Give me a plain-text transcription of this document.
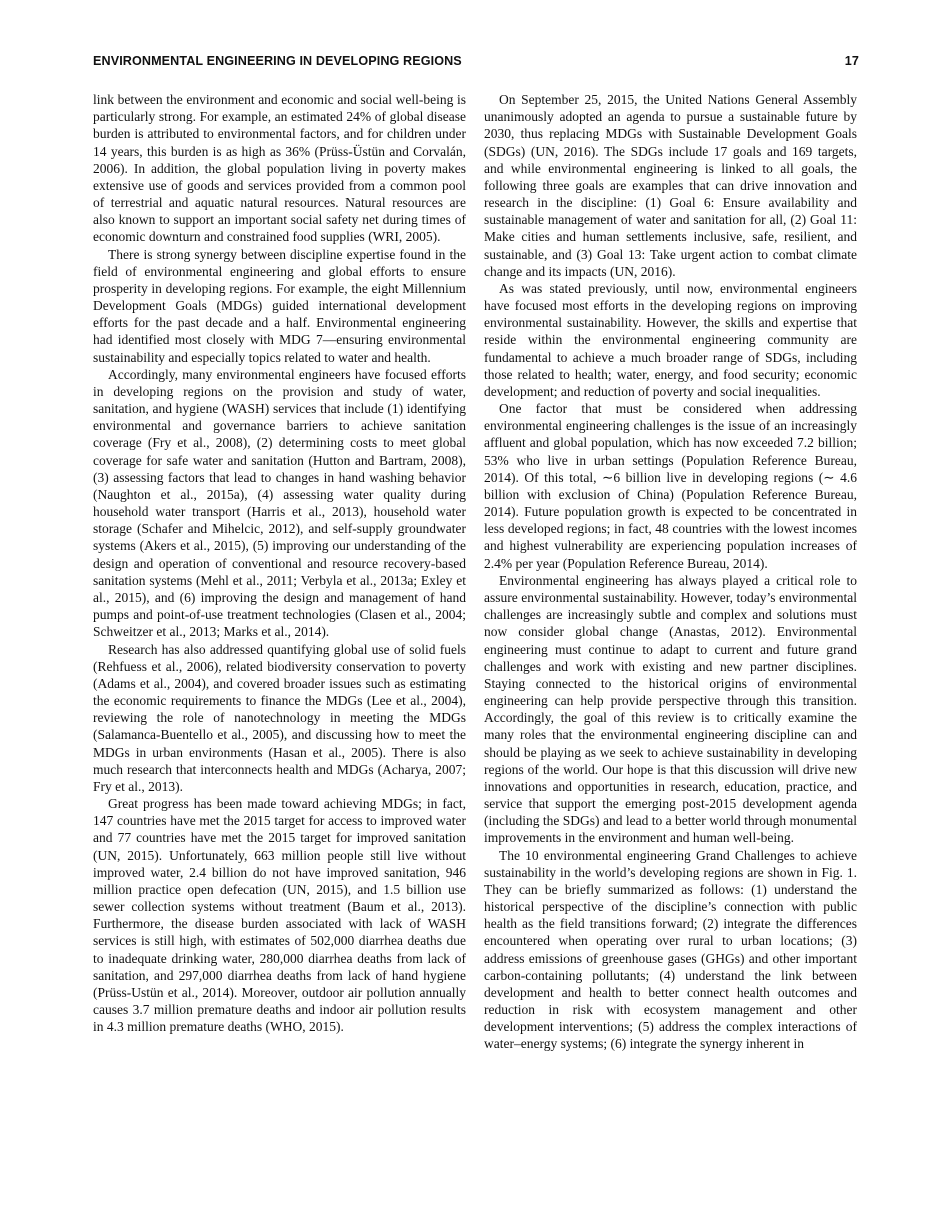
ENVIRONMENTAL ENGINEERING IN DEVELOPING REGIONS	17

link between the environment and economic and social well-being is particularly strong. For example, an estimated 24% of global disease burden is attributed to environmental factors, and for children under 14 years, this burden is as high as 36% (Prüss-Üstün and Corvalán, 2006). In addition, the global population living in poverty makes extensive use of goods and services provided from a common pool of terrestrial and aquatic natural resources. Natural resources are also known to support an important social safety net during times of economic downturn and constrained food supplies (WRI, 2005).

There is strong synergy between discipline expertise found in the field of environmental engineering and global efforts to ensure prosperity in developing regions. For example, the eight Millennium Development Goals (MDGs) guided international development efforts for the past decade and a half. Environmental engineering had identified most closely with MDG 7—ensuring environmental sustainability and especially topics related to water and health.

Accordingly, many environmental engineers have focused efforts in developing regions on the provision and study of water, sanitation, and hygiene (WASH) services that include (1) identifying environmental and governance barriers to achieve sanitation coverage (Fry et al., 2008), (2) determining costs to meet global coverage for safe water and sanitation (Hutton and Bartram, 2008), (3) assessing factors that lead to changes in hand washing behavior (Naughton et al., 2015a), (4) assessing water quality during household water transport (Harris et al., 2013), household water storage (Schafer and Mihelcic, 2012), and self-supply groundwater systems (Akers et al., 2015), (5) improving our understanding of the design and operation of conventional and resource recovery-based sanitation systems (Mehl et al., 2011; Verbyla et al., 2013a; Exley et al., 2015), and (6) improving the design and management of hand pumps and point-of-use treatment technologies (Clasen et al., 2004; Schweitzer et al., 2013; Marks et al., 2014).

Research has also addressed quantifying global use of solid fuels (Rehfuess et al., 2006), related biodiversity conservation to poverty (Adams et al., 2004), and covered broader issues such as estimating the economic requirements to finance the MDGs (Lee et al., 2004), reviewing the role of nanotechnology in meeting the MDGs (Salamanca-Buentello et al., 2005), and discussing how to meet the MDGs in urban environments (Hasan et al., 2005). There is also much research that interconnects health and MDGs (Acharya, 2007; Fry et al., 2013).

Great progress has been made toward achieving MDGs; in fact, 147 countries have met the 2015 target for access to improved water and 77 countries have met the 2015 target for improved sanitation (UN, 2015). Unfortunately, 663 million people still live without improved water, 2.4 billion do not have improved sanitation, 946 million practice open defecation (UN, 2015), and 1.5 billion use sewer collection systems without treatment (Baum et al., 2013). Furthermore, the disease burden associated with lack of WASH services is still high, with estimates of 502,000 diarrhea deaths due to inadequate drinking water, 280,000 diarrhea deaths from lack of sanitation, and 297,000 diarrhea deaths from lack of hand hygiene (Prüss-Ustün et al., 2014). Moreover, outdoor air pollution annually causes 3.7 million premature deaths and indoor air pollution results in 4.3 million premature deaths (WHO, 2015).

On September 25, 2015, the United Nations General Assembly unanimously adopted an agenda to pursue a sustainable future by 2030, thus replacing MDGs with Sustainable Development Goals (SDGs) (UN, 2016). The SDGs include 17 goals and 169 targets, and while environmental engineering is linked to all goals, the following three goals are examples that can drive innovation and research in the discipline: (1) Goal 6: Ensure availability and sustainable management of water and sanitation for all, (2) Goal 11: Make cities and human settlements inclusive, safe, resilient, and sustainable, and (3) Goal 13: Take urgent action to combat climate change and its impacts (UN, 2016).

As was stated previously, until now, environmental engineers have focused most efforts in the developing regions on improving environmental sustainability. However, the skills and expertise that reside within the environmental engineering community are fundamental to achieve a much broader range of SDGs, including those related to health; water, energy, and food security; economic development; and reduction of poverty and social inequalities.

One factor that must be considered when addressing environmental engineering challenges is the issue of an increasingly affluent and global population, which has now exceeded 7.2 billion; 53% who live in urban settings (Population Reference Bureau, 2014). Of this total, ∼6 billion live in developing regions (∼ 4.6 billion with exclusion of China) (Population Reference Bureau, 2014). Future population growth is expected to be concentrated in less developed regions; in fact, 48 countries with the lowest incomes and highest vulnerability are experiencing population increases of 2.4% per year (Population Reference Bureau, 2014).

Environmental engineering has always played a critical role to assure environmental sustainability. However, today’s environmental challenges are increasingly subtle and complex and solutions must now consider global change (Anastas, 2012). Environmental engineering must continue to adapt to current and future grand challenges and work with existing and new partner disciplines. Staying connected to the historical origins of environmental engineering can help provide perspective through this transition. Accordingly, the goal of this review is to critically examine the many roles that the environmental engineering discipline can and should be playing as we seek to achieve sustainability in developing regions of the world. Our hope is that this discussion will drive new innovations and opportunities in research, education, practice, and service that support the emerging post-2015 development agenda (including the SDGs) and lead to a better world through monumental improvements in the environment and human well-being.

The 10 environmental engineering Grand Challenges to achieve sustainability in the world’s developing regions are shown in Fig. 1. They can be briefly summarized as follows: (1) understand the historical perspective of the discipline’s connection with public health as the field transitions forward; (2) integrate the differences encountered when operating over rural to urban locations; (3) address emissions of greenhouse gases (GHGs) and other important carbon-containing pollutants; (4) understand the link between development and health to better connect health outcomes and reduction in risk with ecosystem management and other development interventions; (5) address the complex interactions of water–energy systems; (6) integrate the synergy inherent in
